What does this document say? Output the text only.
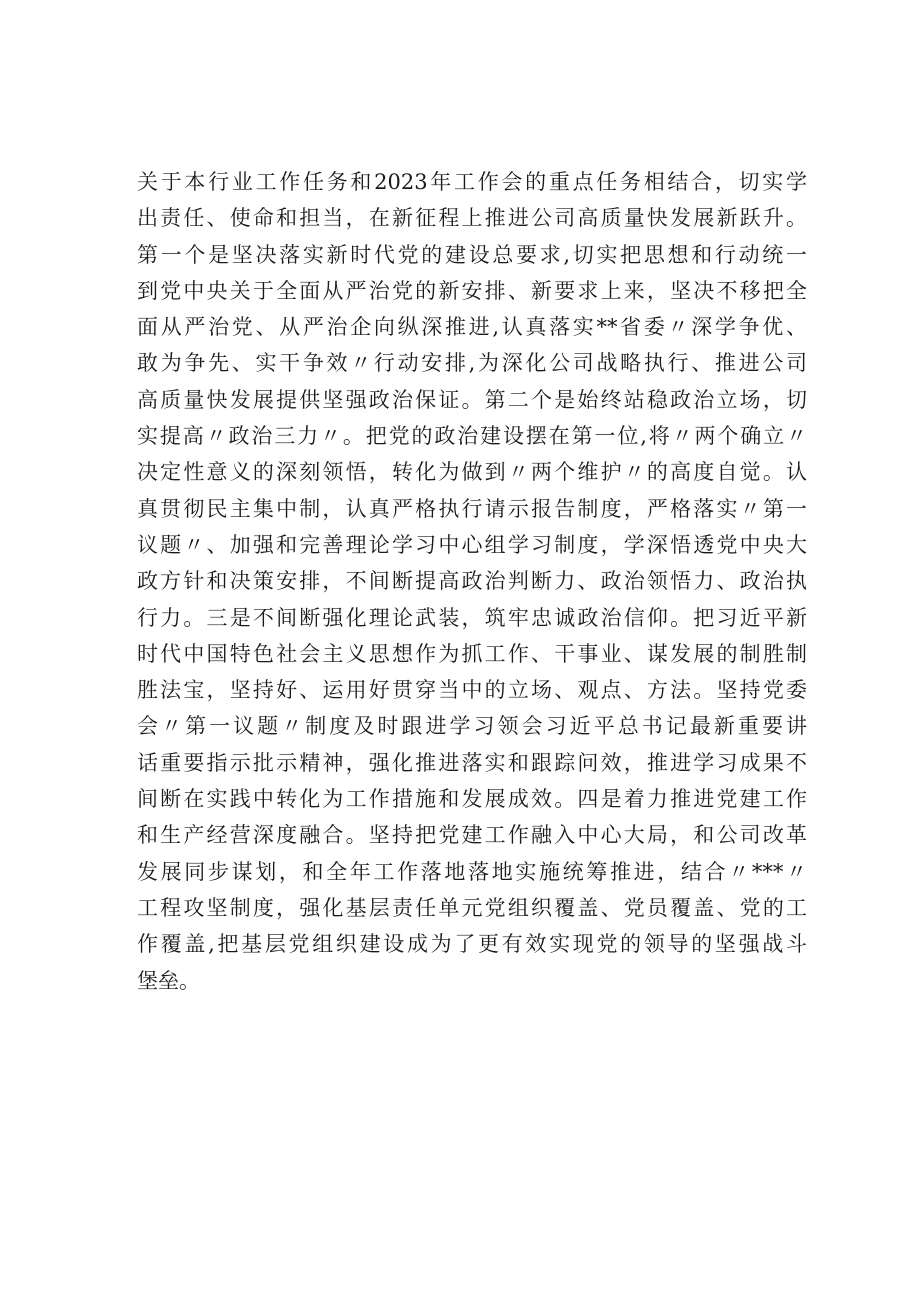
关于本行业工作任务和2023年工作会的重点任务相结合，切实学
出责任、使命和担当，在新征程上推进公司高质量快发展新跃升。
第一个是坚决落实新时代党的建设总要求,切实把思想和行动统一
到党中央关于全面从严治党的新安排、新要求上来，坚决不移把全
面从严治党、从严治企向纵深推进,认真落实**省委〃深学争优、
敢为争先、实干争效〃行动安排,为深化公司战略执行、推进公司
高质量快发展提供坚强政治保证。第二个是始终站稳政治立场，切
实提高〃政治三力〃。把党的政治建设摆在第一位,将〃两个确立〃
决定性意义的深刻领悟，转化为做到〃两个维护〃的高度自觉。认
真贯彻民主集中制，认真严格执行请示报告制度，严格落实〃第一
议题〃、加强和完善理论学习中心组学习制度，学深悟透党中央大
政方针和决策安排，不间断提高政治判断力、政治领悟力、政治执
行力。三是不间断强化理论武装，筑牢忠诚政治信仰。把习近平新
时代中国特色社会主义思想作为抓工作、干事业、谋发展的制胜制
胜法宝，坚持好、运用好贯穿当中的立场、观点、方法。坚持党委
会〃第一议题〃制度及时跟进学习领会习近平总书记最新重要讲
话重要指示批示精神，强化推进落实和跟踪问效，推进学习成果不
间断在实践中转化为工作措施和发展成效。四是着力推进党建工作
和生产经营深度融合。坚持把党建工作融入中心大局，和公司改革
发展同步谋划，和全年工作落地落地实施统筹推进，结合〃***〃
工程攻坚制度，强化基层责任单元党组织覆盖、党员覆盖、党的工
作覆盖,把基层党组织建设成为了更有效实现党的领导的坚强战斗
堡垒。
